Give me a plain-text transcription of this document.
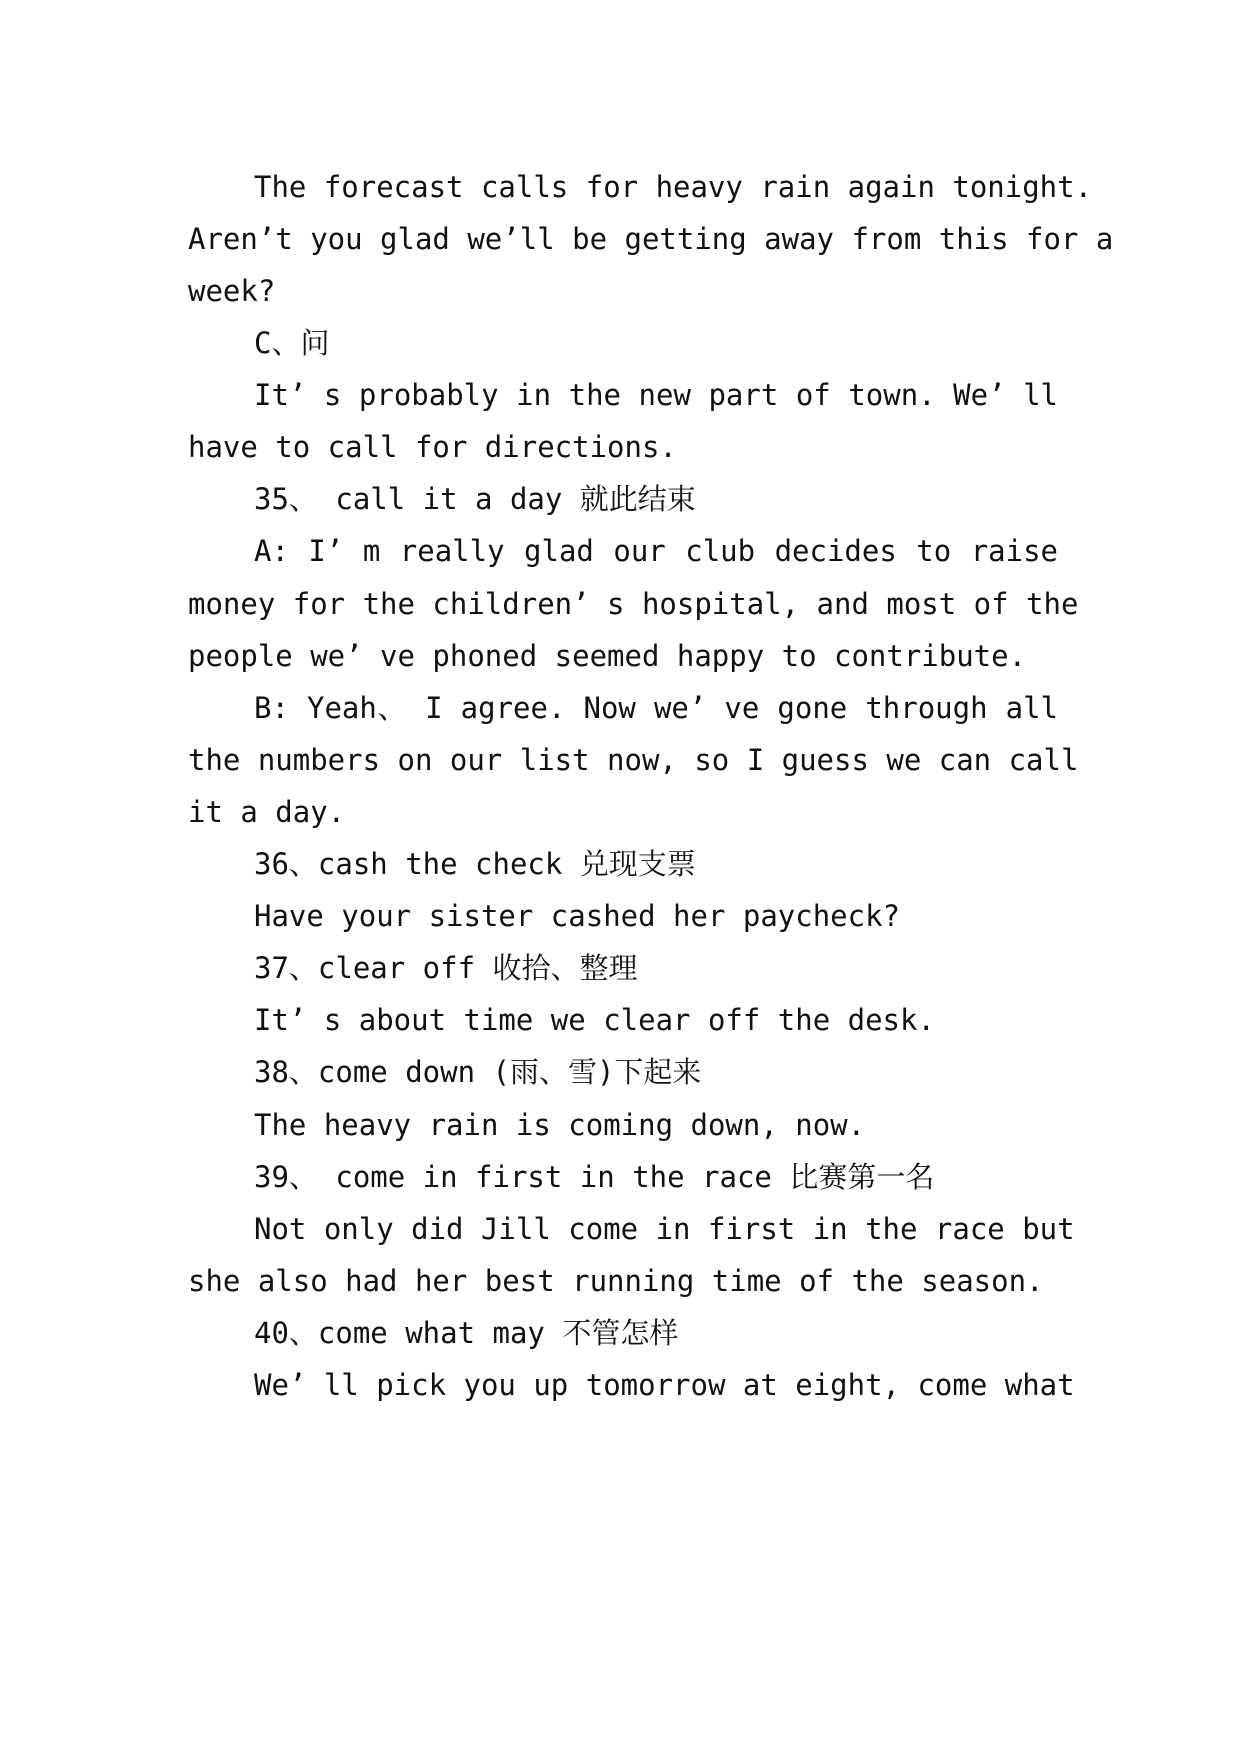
The forecast calls for heavy rain again tonight.
Aren’t you glad we’ll be getting away from this for a
week?
C、问
It’ s probably in the new part of town. We’ ll
have to call for directions.
35、 call it a day 就此结束
A: I’ m really glad our club decides to raise
money for the children’ s hospital, and most of the
people we’ ve phoned seemed happy to contribute.
B: Yeah、 I agree. Now we’ ve gone through all
the numbers on our list now, so I guess we can call
it a day.
36、cash the check 兑现支票
Have your sister cashed her paycheck?
37、clear off 收拾、整理
It’ s about time we clear off the desk.
38、come down (雨、雪)下起来
The heavy rain is coming down, now.
39、 come in first in the race 比赛第一名
Not only did Jill come in first in the race but
she also had her best running time of the season.
40、come what may 不管怎样
We’ ll pick you up tomorrow at eight, come what
